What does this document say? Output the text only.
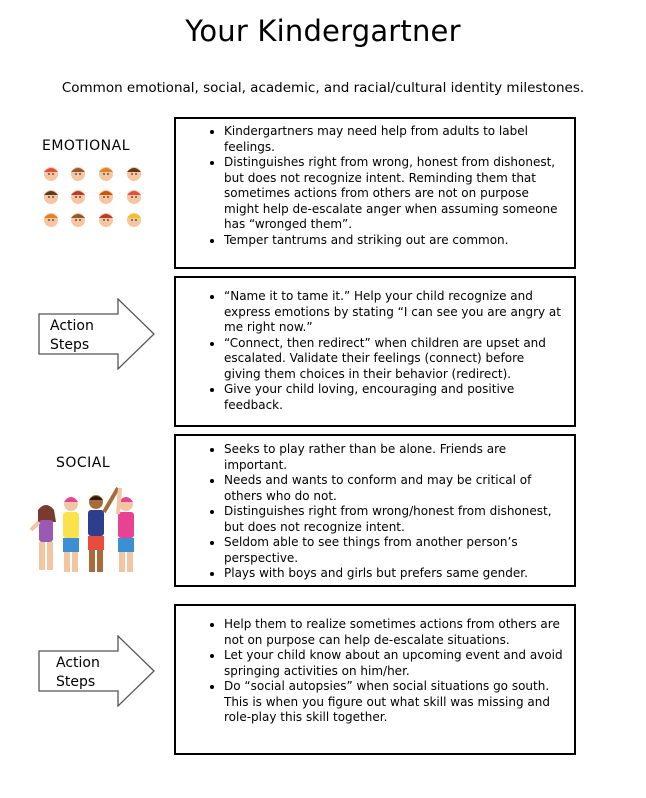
Your Kindergartner
Common emotional, social, academic, and racial/cultural identity milestones.
EMOTIONAL
• Kindergartners may need help from adults to label feelings.
• Distinguishes right from wrong, honest from dishonest, but does not recognize intent. Reminding them that sometimes actions from others are not on purpose might help de-escalate anger when assuming someone has “wronged them”.
• Temper tantrums and striking out are common.
Action
Steps
• “Name it to tame it.” Help your child recognize and express emotions by stating “I can see you are angry at me right now.”
• “Connect, then redirect” when children are upset and escalated. Validate their feelings (connect) before giving them choices in their behavior (redirect).
• Give your child loving, encouraging and positive feedback.
SOCIAL
• Seeks to play rather than be alone. Friends are important.
• Needs and wants to conform and may be critical of others who do not.
• Distinguishes right from wrong/honest from dishonest, but does not recognize intent.
• Seldom able to see things from another person’s perspective.
• Plays with boys and girls but prefers same gender.
Action
Steps
• Help them to realize sometimes actions from others are not on purpose can help de-escalate situations.
• Let your child know about an upcoming event and avoid springing activities on him/her.
• Do “social autopsies” when social situations go south. This is when you figure out what skill was missing and role-play this skill together.
